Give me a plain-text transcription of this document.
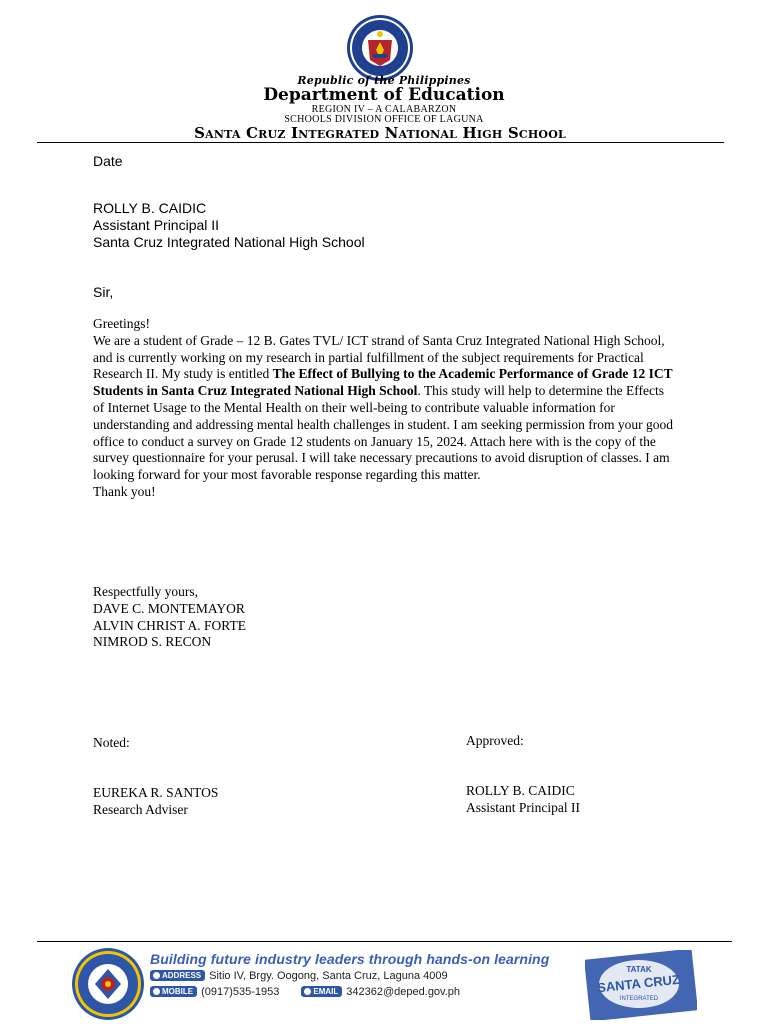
Republic of the Philippines
Department of Education
REGION IV – A CALABARZON
SCHOOLS DIVISION OFFICE OF LAGUNA
Santa Cruz Integrated National High School
Date
ROLLY B. CAIDIC
Assistant Principal II
Santa Cruz Integrated National High School
Sir,

Greetings!

We are a student of Grade – 12 B. Gates TVL/ ICT strand of Santa Cruz Integrated National High School, and is currently working on my research in partial fulfillment of the subject requirements for Practical Research II. My study is entitled The Effect of Bullying to the Academic Performance of Grade 12 ICT Students in Santa Cruz Integrated National High School. This study will help to determine the Effects of Internet Usage to the Mental Health on their well-being to contribute valuable information for understanding and addressing mental health challenges in student. I am seeking permission from your good office to conduct a survey on Grade 12 students on January 15, 2024. Attach here with is the copy of the survey questionnaire for your perusal. I will take necessary precautions to avoid disruption of classes. I am looking forward for your most favorable response regarding this matter.

Thank you!

Respectfully yours,
DAVE C. MONTEMAYOR
ALVIN CHRIST A. FORTE
NIMROD S. RECON
Noted:	Approved:
EUREKA R. SANTOS
Research Adviser
ROLLY B. CAIDIC
Assistant Principal II
Building future industry leaders through hands-on learning
ADDRESS Sitio IV, Brgy. Oogong, Santa Cruz, Laguna 4009
MOBILE (0917)535-1953	EMAIL 342362@deped.gov.ph
TATAK
SANTA CRUZ
INTEGRATED
